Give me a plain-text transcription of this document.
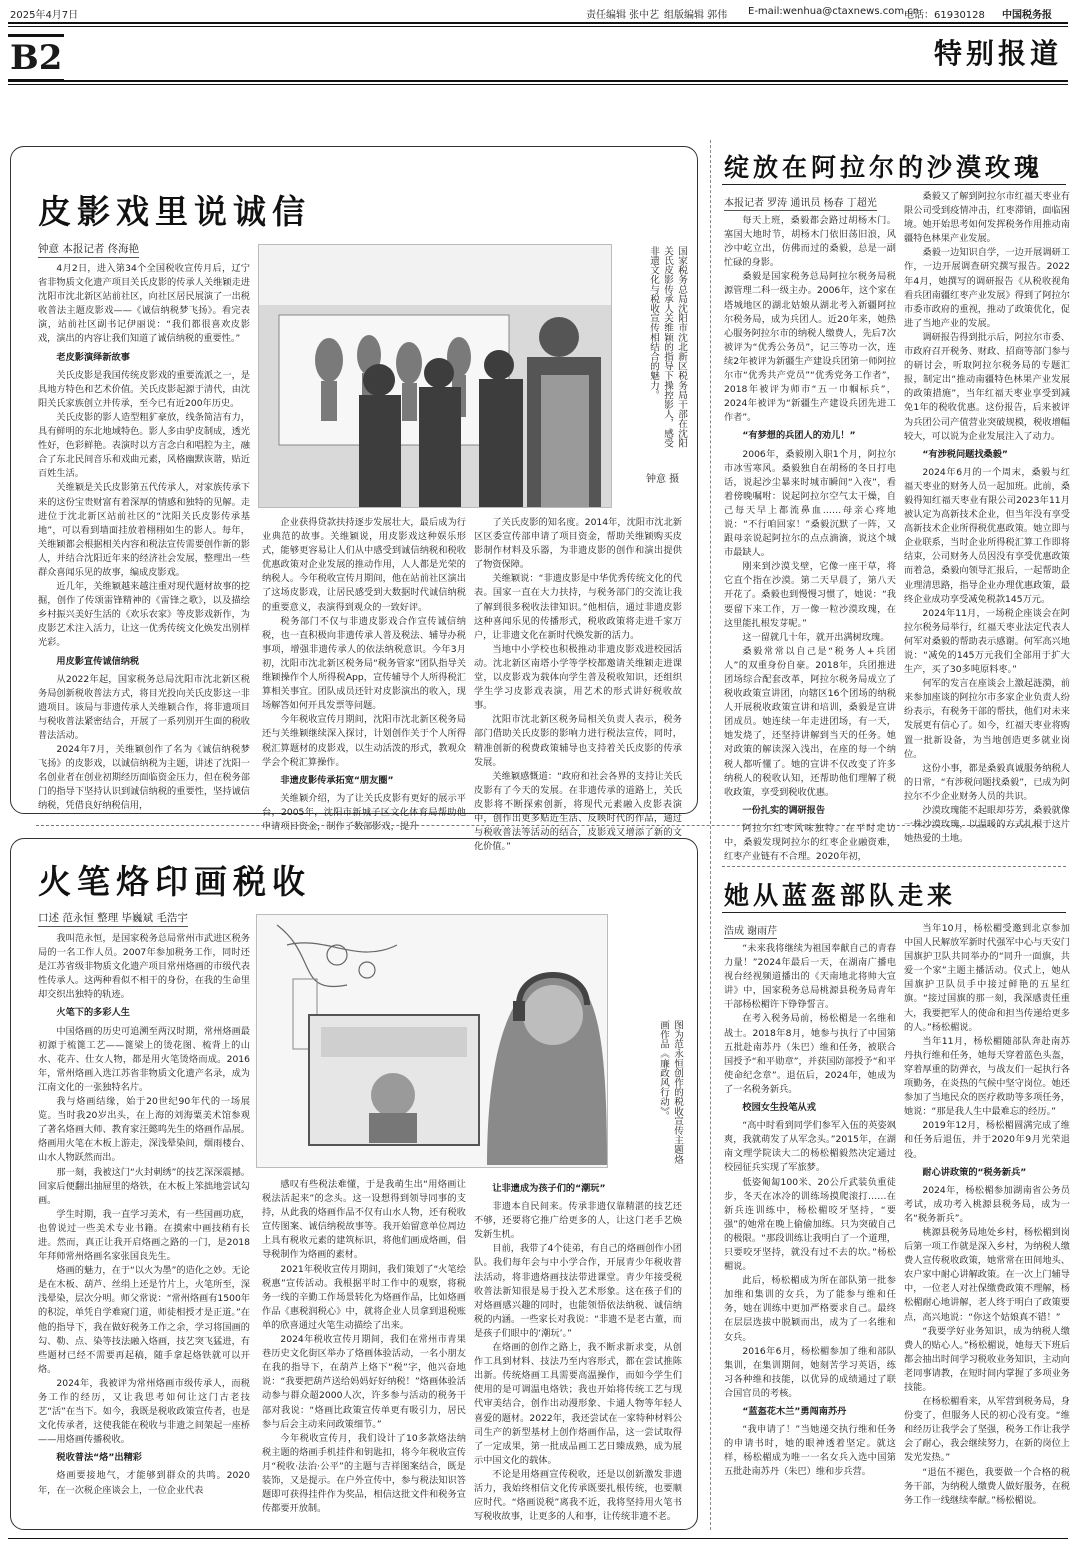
2025年4月7日	责任编辑 张中艺 组版编辑 郭伟 E-mail:wenhua@ctaxnews.com.cn
电话：61930128 中国税务报
B2	特别报道
皮影戏里说诚信
钟意 本报记者 佟海艳

4月2日，进入第34个全国税收宣传月后，辽宁省非物质文化遗产项目关氏皮影的传承人关维颖走进沈阳市沈北新区站前社区，向社区居民展演了一出税收普法主题皮影戏——《诚信纳税梦飞扬》。看完表演，站前社区副书记伊丽说：“我们都很喜欢皮影戏，演出的内容让我们知道了诚信纳税的重要性。”

老皮影演绎新故事

关氏皮影是我国传统皮影戏的重要流派之一，是具地方特色和艺术价值。关氏皮影起源于清代，由沈阳关氏家族创立并传承，至今已有近200年历史。

关氏皮影的影人造型粗犷豪放，线条简洁有力，具有鲜明的东北地域特色。影人多由驴皮制成，透光性好，色彩鲜艳。表演时以方言念白和唱腔为主，融合了东北民间音乐和戏曲元素，风格幽默诙谐，贴近百姓生活。

关维颖是关氏皮影第五代传承人，对家族传承下来的这份宝贵财富有着深厚的情感和独特的见解。走进位于沈北新区站前社区的“沈阳关氏皮影传承基地”，可以看到墙面挂放着栩栩如生的影人。每年，关维颖都会根据相关内容和税法宣传需要创作新的影人，并结合沈阳近年来的经济社会发展，整理出一些群众喜闻乐见的故事，编成皮影戏。

近几年，关维颖越来越注重对现代题材故事的挖掘，创作了传颂雷锋精神的《雷锋之歌》，以及描绘乡村振兴美好生活的《欢乐农家》等皮影戏新作，为皮影艺术注入活力，让这一优秀传统文化焕发出别样光彩。

用皮影宣传诚信纳税

从2022年起，国家税务总局沈阳市沈北新区税务局创新税收普法方式，将目光投向关氏皮影这一非遗项目。该局与非遗传承人关维颖合作，将非遗项目与税收普法紧密结合，开展了一系列別开生面的税收普法活动。

2024年7月，关维颖创作了名为《诚信纳税梦飞扬》的皮影戏，以诚信纳税为主题，讲述了沈阳一名创业者在创业初期经历面临资金压力，但在税务部门的指导下坚持认识到诚信纳税的重要性，坚持诚信纳税，凭借良好纳税信用，

国家税务总局沈阳市沈北新区税务局干部在沈阳关氏皮影传承人关维颖的指导下操控影人，感受非遗文化与税收宣传相结合的魅力。
钟意 摄

企业获得贷款扶持逐步发展壮大，最后成为行业典范的故事。关维颖说，用皮影戏这种娱乐形式，能够更容易让人们从中感受到诚信纳税和税收优惠政策对企业发展的推动作用，人人都是光荣的纳税人。今年税收宣传月期间，他在站前社区演出了这场皮影戏，让居民感受到大数据时代诚信纳税的重要意义，表演得到观众的一致好评。

税务部门不仅与非遗皮影戏合作宣传诚信纳税，也一直积极向非遗传承人普及税法、辅导办税事项，增强非遗传承人的依法纳税意识。今年3月初，沈阳市沈北新区税务局“税务管家”团队指导关维颖操作个人所得税App，宣传辅导个人所得税汇算相关事宜。团队成员还针对皮影演出的收入，现场解答如何开具发票等问题。

今年税收宣传月期间，沈阳市沈北新区税务局还与关维颖继续深入探讨，计划创作关于个人所得税汇算题材的皮影戏，以生动活泼的形式，教观众学会个税汇算操作。

非遗皮影传承拓宽“朋友圈”

关维颖介绍，为了让关氏皮影有更好的展示平台，2005年，沈阳市新城子区文化体育局帮助他申请项目资金，制作了数部影戏，提升

了关氏皮影的知名度。2014年，沈阳市沈北新区区委宣传部申请了项目资金，帮助关维颖购买皮影制作材料及乐器，为非遗皮影的创作和演出提供了物资保障。

关维颖说：“非遗皮影是中华优秀传统文化的代表。国家一直在大力扶持，与税务部门的交流让我了解到很多税收法律知识。”他相信，通过非遗皮影这种喜闻乐见的传播形式，税收政策将走进千家万户，让非遗文化在新时代焕发新的活力。

当地中小学校也积极推动非遗皮影戏进校园活动。沈北新区南塔小学等学校都邀请关维颖走进课堂，以皮影戏为载体向学生普及税收知识，还组织学生学习皮影戏表演，用艺术的形式讲好税收故事。

沈阳市沈北新区税务局相关负责人表示，税务部门借助关氏皮影的影响力进行税法宣传，同时，精准创新的税费政策辅导也支持着关氏皮影的传承发展。

关维颖感慨道：“政府和社会各界的支持让关氏皮影有了今天的发展。在非遗传承的道路上，关氏皮影将不断探索创新，将现代元素融入皮影表演中，创作出更多贴近生活、反映时代的作品，通过与税收普法等活动的结合，皮影戏又增添了新的文化价值。”

火笔烙印画税收
口述 范永恒 整理 毕巍斌 毛浩宇

我叫范永恒，是国家税务总局常州市武进区税务局的一名工作人员。2007年参加税务工作，同时还是江苏省级非物质文化遗产项目常州烙画的市级代表性传承人。这两种看似不相干的身份，在我的生命里却交织出独特的轨迹。

火笔下的多彩人生

中国烙画的历史可追溯至两汉时期，常州烙画最初源于梳篦工艺——篦梁上的烫花图、梳背上的山水、花卉、仕女人物，都是用火笔烫烙而成。2016年，常州烙画入选江苏省非物质文化遗产名录，成为江南文化的一张独特名片。

我与烙画结缘，始于20世纪90年代的一场展览。当时我20岁出头，在上海的刘海粟美术馆参观了著名烙画大师、教育家汪懿鸣先生的烙画作品展。烙画用火笔在木板上游走，深浅晕染间，烟雨楼台、山水人物跃然而出。

那一刻，我被这门“火封刺绣”的技艺深深震撼。回家后便翻出抽屉里的烙铁，在木板上笨拙地尝试勾画。

学生时期，我一直学习美术，有一些国画功底，也曾说过一些美术专业书籍。在摸索中画技稍有长进。然而，真正让我开启烙画之路的一门，是2018年拜师常州烙画名家张国良先生。

烙画的魅力，在于“以火为墨”的造化之妙。无论是在木板、葫芦、丝绢上还是竹片上，火笔所至，深浅晕染，层次分明。师父常说：“常州烙画有1500年的积淀，单凭自学难窥门道，师徒相授才是正道。”在他的指导下，我在做好税务工作之余，学习将国画的勾、勒、点、染等技法融入烙画，技艺突飞猛进，有些题材已经不需要再起稿，随手拿起烙铁就可以开烙。

2024年，我被评为常州烙画市级传承人，而税务工作的经历，又让我思考如何让这门古老技艺“活”在当下。如今，我既是税收政策宣传者，也是文化传承者，这使我能在税收与非遗之间架起一座桥——用烙画传播税收。

税收普法“烙”出精彩

烙画要接地气，才能够到群众的共鸣。2020年，在一次税企座谈会上，一位企业代表

图为范永恒创作的税收宣传主题烙画作品《廉政风行动》。

感叹有些税法难懂，于是我萌生出“用烙画让税法活起来”的念头。这一设想得到领导同事的支持，从此我的烙画作品不仅有山水人物，还有税收宣传图案、诚信纳税故事等。我开始留意单位周边上具有税收元素的建筑标识，将他们画成烙画，倡导税制作为烙画的素材。

2021年税收宣传月期间，我们策划了“火笔绘税惠”宣传活动。我根据平时工作中的观察，将税务一线的辛勤工作场景转化为烙画作品，比如烙画作品《惠税润税心》中，就将企业人员拿到退税账单的欣喜通过火笔生动描绘了出来。

2024年税收宣传月期间，我们在常州市青果巷历史文化街区举办了烙画体验活动，一名小朋友在我的指导下，在葫芦上烙下“税”字，他兴奋地说：“我要把葫芦送给妈妈好好纳税！”烙画体验活动参与群众超2000人次，许多参与活动的税务干部对我说：“烙画比政策宣传单更有吸引力，居民参与后会主动来问政策细节。”

今年税收宣传月，我们设计了10多款烙法纳税主题的烙画手机挂件和钥匙扣，将今年税收宣传月“税收·法治·公平”的主题与吉祥图案结合，既是装饰，又是提示。在户外宣传中，参与税法知识答题即可获得挂件作为奖品，相信这批文件和税务宣传都要开放制。

让非遗成为孩子们的“潮玩”

非遗本自民间来。传承非遗仅靠精湛的技艺还不够，还要将它推广给更多的人，让这门老手艺焕发新生机。

目前，我带了4个徒弟，有自己的烙画创作小团队。我们每年会与中小学合作，开展青少年税收普法活动，将非遗烙画技法带进课堂。青少年接受税收普法新知很是易于投入艺术形象。这在孩子们的对烙画感兴趣的同时，也能领悟依法纳税、诚信纳税的内涵。一些家长对我说：“非遗不是老古董，而是孩子们眼中的‘潮玩’。”

在烙画的创作之路上，我不断求新求变，从创作工具到材料、技法乃至内容形式，都在尝试推陈出新。传统烙画工具需要高温操作，而如今学生们使用的是可调温电烙铁；我也开始将传统工艺与现代审美结合，创作出动漫形象、卡通人物等年轻人喜爱的题材。2022年，我还尝试在一家特种材料公司生产的新型基材上创作烙画作品，这一尝试取得了一定成果，第一批成品画工艺日臻成熟，成为展示中国文化的载体。

不论是用烙画宣传税收，还是以创新激发非遗活力，我始终相信文化传承既要扎根传统，也要顺应时代。“烙画说税”离我不近，我将坚持用火笔书写税收故事，让更多的人和事，让传统非遗不老。

绽放在阿拉尔的沙漠玫瑰
本报记者 罗涛 通讯员 杨春 丁超光

每天上班，桑毅都会路过胡杨木门。塞国大地时节，胡杨木门依旧荡旧浪，风沙中屹立出，仿佛而过的桑毅，总是一副忙碌的身影。

桑毅是国家税务总局阿拉尔税务局税源管理二科一级主办。2006年，这个家在塔城地区的湖北姑娘从湖北考入新疆阿拉尔税务局，成为兵团人。近20年来，她热心服务阿拉尔市的纳税人缴费人，先后7次被评为“优秀公务员”，记三等功一次，连续2年被评为新疆生产建设兵团第一师阿拉尔市“优秀共产党员”“优秀党务工作者”，2018年被评为师市“五一巾帼标兵”，2024年被评为“新疆生产建设兵团先进工作者”。

“有梦想的兵团人的劝儿！”

2006年，桑毅刚入职1个月，阿拉尔市冰雪寒风。桑毅独自在胡杨的冬日打电话，说起沙尘暴来时城市瞬间“入夜”，看着傍晚嘱咐：说起阿拉尔空气太干燥，自己每天早上都流鼻血……母亲心疼地说：“不行咱回家！”桑毅沉默了一阵，又跟母亲说起阿拉尔的点点滴滴，说这个城市最缺人。

刚来到沙漠戈壁，它像一座干草，将它直个指在沙漠。第二天早晨了，第八天开花了。桑毅也到慢慢习惯了，她说：“我要留下来工作，万一像一粒沙漠玫瑰，在这里能扎根发芽呢。”

这一留就几十年，就开出满树玫瑰。

桑毅常常以自己是“税务人+兵团人”的双重身份自豪。2018年，兵团推进团场综合配套改革，阿拉尔税务局成立了税收政策宣讲团，向辖区16个团场的纳税人开展税收政策宣讲和培训，桑毅是宣讲团成员。她连续一年走进团场，有一天，她发烧了，还坚持讲解到当天的任务。她对政策的解读深入浅出，在座的每一个纳税人都听懂了。她的宣讲不仅改变了许多纳税人的税收认知，还帮助他们理解了税收政策，享受到税收优惠。

一份扎实的调研报告

阿拉尔红枣风味独特。在平时走访中，桑毅发现阿拉尔的红枣企业融资难，红枣产业链有不合理。2020年初，

桑毅又了解到阿拉尔市红福天枣业有限公司受到疫情冲击，红枣滞销，面临困境。她开始思考如何发挥税务作用推动南疆特色林果产业发展。

桑毅一边知识自学，一边开展调研工作，一边开展调查研究撰写报告。2022年4月，她撰写的调研报告《从税收视角看兵团南疆红枣产业发展》得到了阿拉尔市委市政府的重视，推动了政策优化，促进了当地产业的发展。

调研报告得到批示后，阿拉尔市委、市政府召开税务、财政、招商等部门参与的研讨会，听取阿拉尔税务局的专题汇报，制定出“推动南疆特色林果产业发展的政策措施”，当年红福天枣业享受到减免1年的税收优惠。这份报告，后来被评为兵团公司产值营业突破规模，税收增幅较大，可以说为企业发展注入了动力。

“有涉税问题找桑毅”

2024年6月的一个周末，桑毅与红福天枣业的财务人员一起加班。此前，桑毅得知红福天枣业有限公司2023年11月被认定为高新技术企业，但当年没有享受高新技术企业所得税优惠政策。她立即与企业联系，当时企业所得税汇算工作即将结束，公司财务人员因没有享受优惠政策而着急，桑毅向领导汇报后，一起帮助企业理清思路，指导企业办理优惠政策，最终企业成功享受减免税款145万元。

2024年11月，一场税企座谈会在阿拉尔税务局举行，红福天枣业法定代表人何军对桑毅的帮助表示感谢。何军高兴地说：“减免的145万元我们全部用于扩大生产，买了30多吨原料枣。”

何军的发言在座谈会上激起涟漪，前来参加座谈的阿拉尔市多家企业负责人纷纷表示，有税务干部的帮扶，他们对未来发展更有信心了。如今，红福天枣业将购置一批新设备，为当地创造更多就业岗位。

这份小事，都是桑毅真诚服务纳税人的日常，“有涉税问题找桑毅”，已成为阿拉尔不少企业财务人员的共识。

沙漠玫瑰能不起眼却芬芳，桑毅就像一株沙漠玫瑰，以温暖的方式扎根于这片她热爱的土地。

她从蓝盔部队走来
浩成 谢雨芹

“未来我将继续为祖国奉献自己的青春力量！”2024年最后一天，在湖南广播电视台经视频道播出的《天南地北将帅大宣讲》中，国家税务总局桃源县税务局青年干部杨松楣许下铮铮誓言。

在考入税务局前，杨松楣是一名维和战士。2018年8月，她参与执行了中国第五批赴南苏丹（朱巴）维和任务，被联合国授予“和平勋章”，并获国防部授予“和平使命纪念章”。退伍后，2024年，她成为了一名税务新兵。

校园女生投笔从戎

“高中时看到同学们参军入伍的英姿飒爽，我就萌发了从军念头。”2015年，在湖南文理学院读大二的杨松楣毅然决定通过校园征兵实现了军旅梦。

低姿匍匐100米、20公斤武装负重徒步，冬天在冰冷的训练场摸爬滚打……在新兵连训练中，杨松楣咬牙坚持，“要强”的她常在晚上偷偷加练。只为突破自己的极限。“那段训练让我明白了一个道理，只要咬牙坚持，就没有过不去的坎。”杨松楣说。

此后，杨松楣成为所在部队第一批参加维和集训的女兵，为了能参与维和任务，她在训练中更加严格要求自己。最终在层层选拔中脱颖而出，成为了一名维和女兵。

2016年6月，杨松楣参加了维和部队集训，在集训期间，她刻苦学习英语，练习各种维和技能，以优异的成绩通过了联合国官员的考核。

“蓝盔花木兰”勇闯南苏丹

“我申请了！”当她递交执行维和任务的申请书时，她的眼神透着坚定。就这样，杨松楣成为唯一一名女兵入选中国第五批赴南苏丹（朱巴）维和步兵营。

当年10月，杨松楣受邀到北京参加中国人民解放军新时代强军中心与天安门国旗护卫队共同举办的“同升一面旗，共爱一个家”主题主播活动。仪式上，她从国旗护卫队员手中接过鲜艳的五星红旗。“接过国旗的那一刻，我深感责任重大，我要把军人的使命和担当传递给更多的人。”杨松楣说。

当年11月，杨松楣随部队奔赴南苏丹执行维和任务，她每天穿着蓝色头盔，穿着厚重的防弹衣，与战友们一起执行各项勤务，在炎热的气候中坚守岗位。她还参加了当地民众的医疗救助等多项任务，她说：“那是我人生中最难忘的经历。”

2019年12月，杨松楣圆满完成了维和任务后退伍，并于2020年9月光荣退役。

耐心讲政策的“税务新兵”

2024年，杨松楣参加湖南省公务员考试，成功考入桃源县税务局，成为一名“税务新兵”。

桃源县税务局地处乡村，杨松楣到岗后第一项工作就是深入乡村，为纳税人缴费人宣传税收政策，她常常在田间地头、农户家中耐心讲解政策。在一次上门辅导中，一位老人对社保缴费政策不理解，杨松楣耐心地讲解，老人终于明白了政策要点，高兴地说：“你这个姑娘真不错！”

“我要学好业务知识，成为纳税人缴费人的贴心人。”杨松楣说，她每天下班后都会抽出时间学习税收业务知识，主动向老同事请教，在短时间内掌握了多项业务技能。

在杨松楣看来，从军营到税务局，身份变了，但服务人民的初心没有变。“维和经历让我学会了坚强，税务工作让我学会了耐心，我会继续努力，在新的岗位上发光发热。”

“退伍不褪色，我要做一个合格的税务干部，为纳税人缴费人做好服务，在税务工作一线继续奉献。”杨松楣说。
